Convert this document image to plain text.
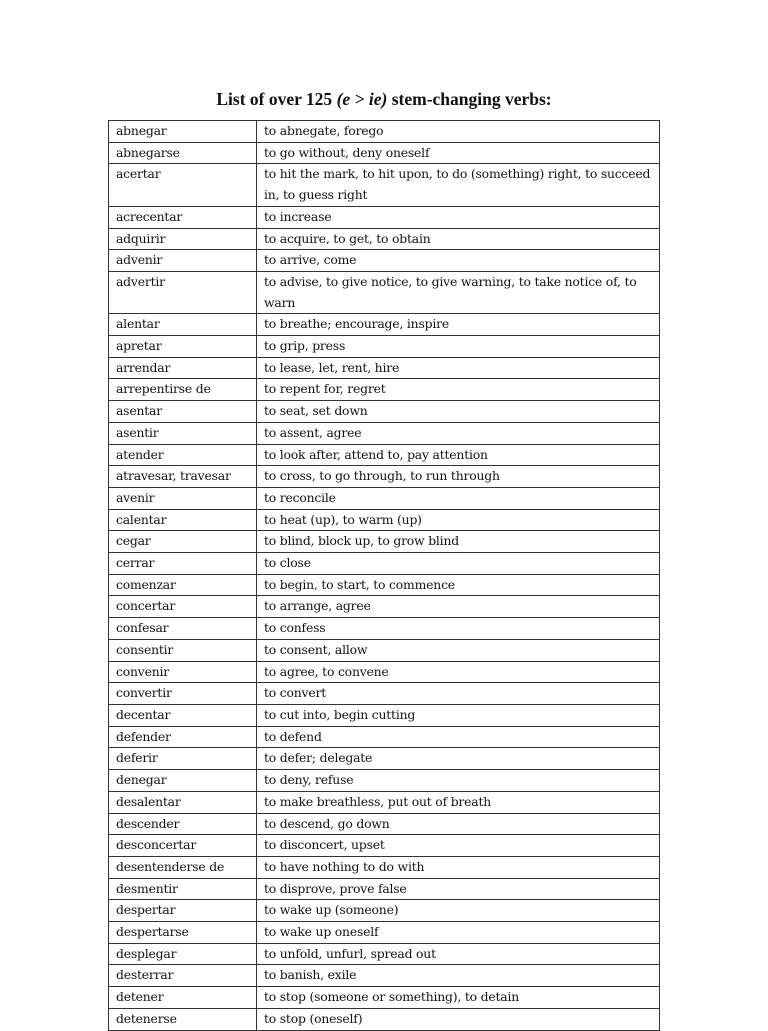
List of over 125 (e > ie) stem-changing verbs:
abnegar	to abnegate, forego
abnegarse	to go without, deny oneself
acertar	to hit the mark, to hit upon, to do (something) right, to succeed in, to guess right
acrecentar	to increase
adquirir	to acquire, to get, to obtain
advenir	to arrive, come
advertir	to advise, to give notice, to give warning, to take notice of, to warn
alentar	to breathe; encourage, inspire
apretar	to grip, press
arrendar	to lease, let, rent, hire
arrepentirse de	to repent for, regret
asentar	to seat, set down
asentir	to assent, agree
atender	to look after, attend to, pay attention
atravesar, travesar	to cross, to go through, to run through
avenir	to reconcile
calentar	to heat (up), to warm (up)
cegar	to blind, block up, to grow blind
cerrar	to close
comenzar	to begin, to start, to commence
concertar	to arrange, agree
confesar	to confess
consentir	to consent, allow
convenir	to agree, to convene
convertir	to convert
decentar	to cut into, begin cutting
defender	to defend
deferir	to defer; delegate
denegar	to deny, refuse
desalentar	to make breathless, put out of breath
descender	to descend, go down
desconcertar	to disconcert, upset
desentenderse de	to have nothing to do with
desmentir	to disprove, prove false
despertar	to wake up (someone)
despertarse	to wake up oneself
desplegar	to unfold, unfurl, spread out
desterrar	to banish, exile
detener	to stop (someone or something), to detain
detenerse	to stop (oneself)
